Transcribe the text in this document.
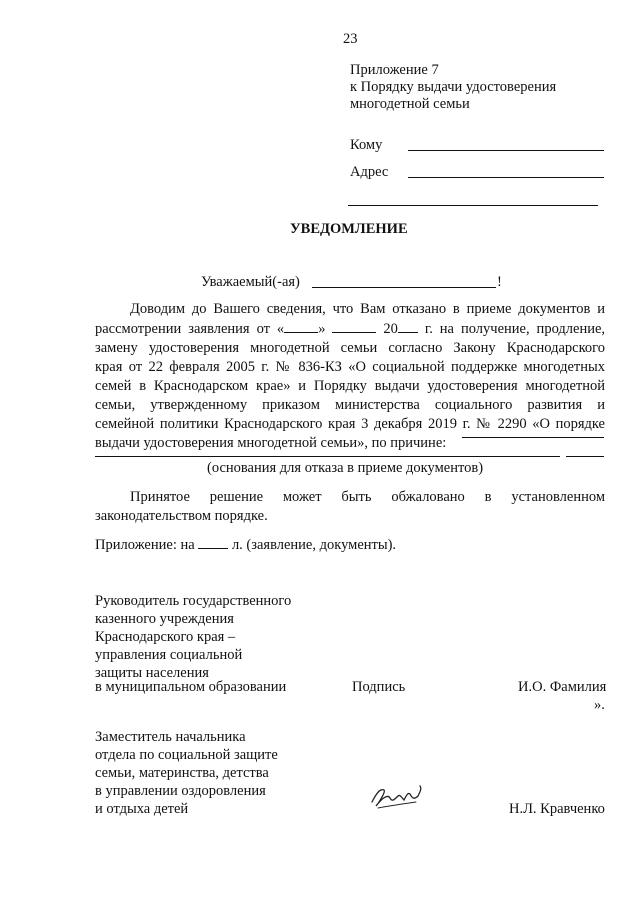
23
Приложение 7
к Порядку выдачи удостоверения
многодетной семьи
Кому
Адрес
УВЕДОМЛЕНИЕ
Уважаемый(-ая)	!
Доводим до Вашего сведения, что Вам отказано в приеме документов и
рассмотрении заявления от « »	20 г. на получение, продление,
замену удостоверения многодетной семьи согласно Закону Краснодарского
края от 22 февраля 2005 г. № 836-КЗ «О социальной поддержке многодетных
семей в Краснодарском крае» и Порядку выдачи удостоверения многодетной
семьи, утвержденному приказом министерства социального развития и
семейной политики Краснодарского края 3 декабря 2019 г. № 2290 «О порядке
выдачи удостоверения многодетной семьи», по причине:
(основания для отказа в приеме документов)
Принятое решение может быть обжаловано в установленном
законодательством порядке.
Приложение: на	л. (заявление, документы).
Руководитель государственного
казенного учреждения
Краснодарского края –
управления социальной
защиты населения
в муниципальном образовании	Подпись	И.О. Фамилия
».
Заместитель начальника
отдела по социальной защите
семьи, материнства, детства
в управлении оздоровления
и отдыха детей	Н.Л. Кравченко
